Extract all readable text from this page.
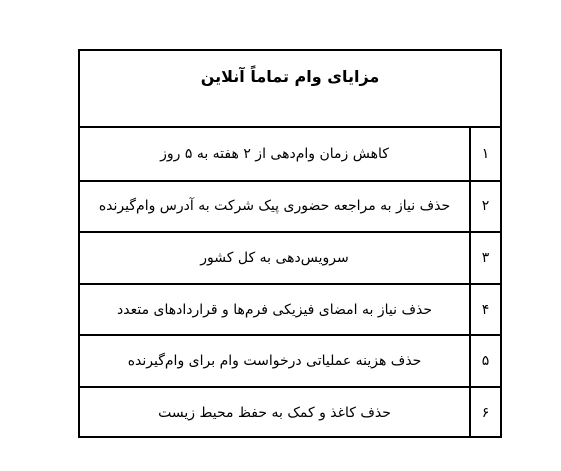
مزایای وام تماماً آنلاین
کاهش زمان وام‌دهی از ۲ هفته به ۵ روز	۱
حذف نیاز به مراجعه حضوری پیک شرکت به آدرس وام‌گیرنده	۲
سرویس‌دهی به کل کشور	۳
حذف نیاز به امضای فیزیکی فرم‌ها و قراردادهای متعدد	۴
حذف هزینه عملیاتی درخواست وام برای وام‌گیرنده	۵
حذف کاغذ و کمک به حفظ محیط زیست	۶
